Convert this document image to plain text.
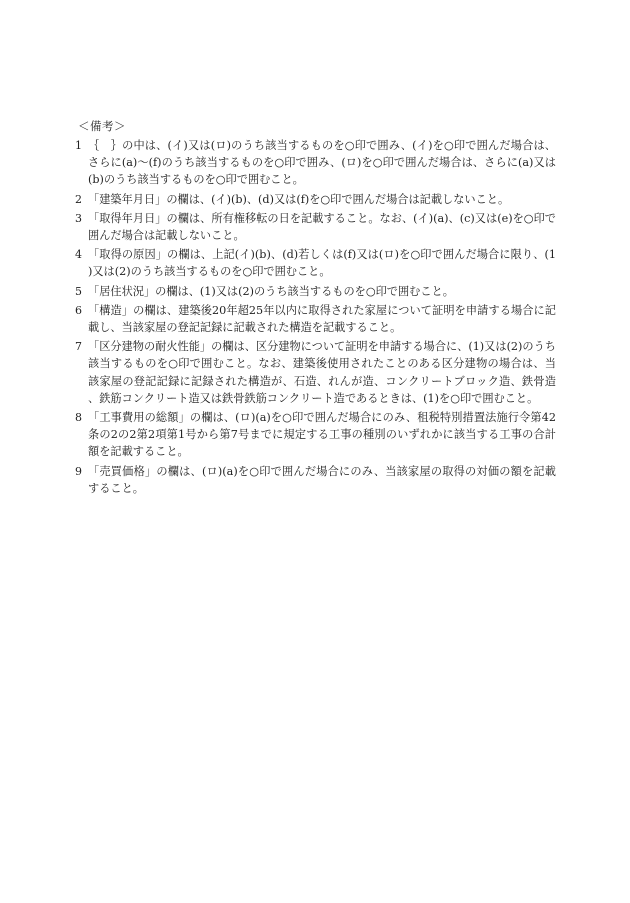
＜備考＞
1 ｛　｝の中は、(イ)又は(ロ)のうち該当するものを○印で囲み、(イ)を○印で囲んだ場合は、さらに(a)～(f)のうち該当するものを○印で囲み、(ロ)を○印で囲んだ場合は、さらに(a)又は(b)のうち該当するものを○印で囲むこと。
2 「建築年月日」の欄は、(イ)(b)、(d)又は(f)を○印で囲んだ場合は記載しないこと。
3 「取得年月日」の欄は、所有権移転の日を記載すること。なお、(イ)(a)、(c)又は(e)を○印で囲んだ場合は記載しないこと。
4 「取得の原因」の欄は、上記(イ)(b)、(d)若しくは(f)又は(ロ)を○印で囲んだ場合に限り、(1)又は(2)のうち該当するものを○印で囲むこと。
5 「居住状況」の欄は、(1)又は(2)のうち該当するものを○印で囲むこと。
6 「構造」の欄は、建築後20年超25年以内に取得された家屋について証明を申請する場合に記載し、当該家屋の登記記録に記載された構造を記載すること。
7 「区分建物の耐火性能」の欄は、区分建物について証明を申請する場合に、(1)又は(2)のうち該当するものを○印で囲むこと。なお、建築後使用されたことのある区分建物の場合は、当該家屋の登記記録に記録された構造が、石造、れんが造、コンクリートブロック造、鉄骨造、鉄筋コンクリート造又は鉄骨鉄筋コンクリート造であるときは、(1)を○印で囲むこと。
8 「工事費用の総額」の欄は、(ロ)(a)を○印で囲んだ場合にのみ、租税特別措置法施行令第42条の2の2第2項第1号から第7号までに規定する工事の種別のいずれかに該当する工事の合計額を記載すること。
9 「売買価格」の欄は、(ロ)(a)を○印で囲んだ場合にのみ、当該家屋の取得の対価の額を記載すること。
